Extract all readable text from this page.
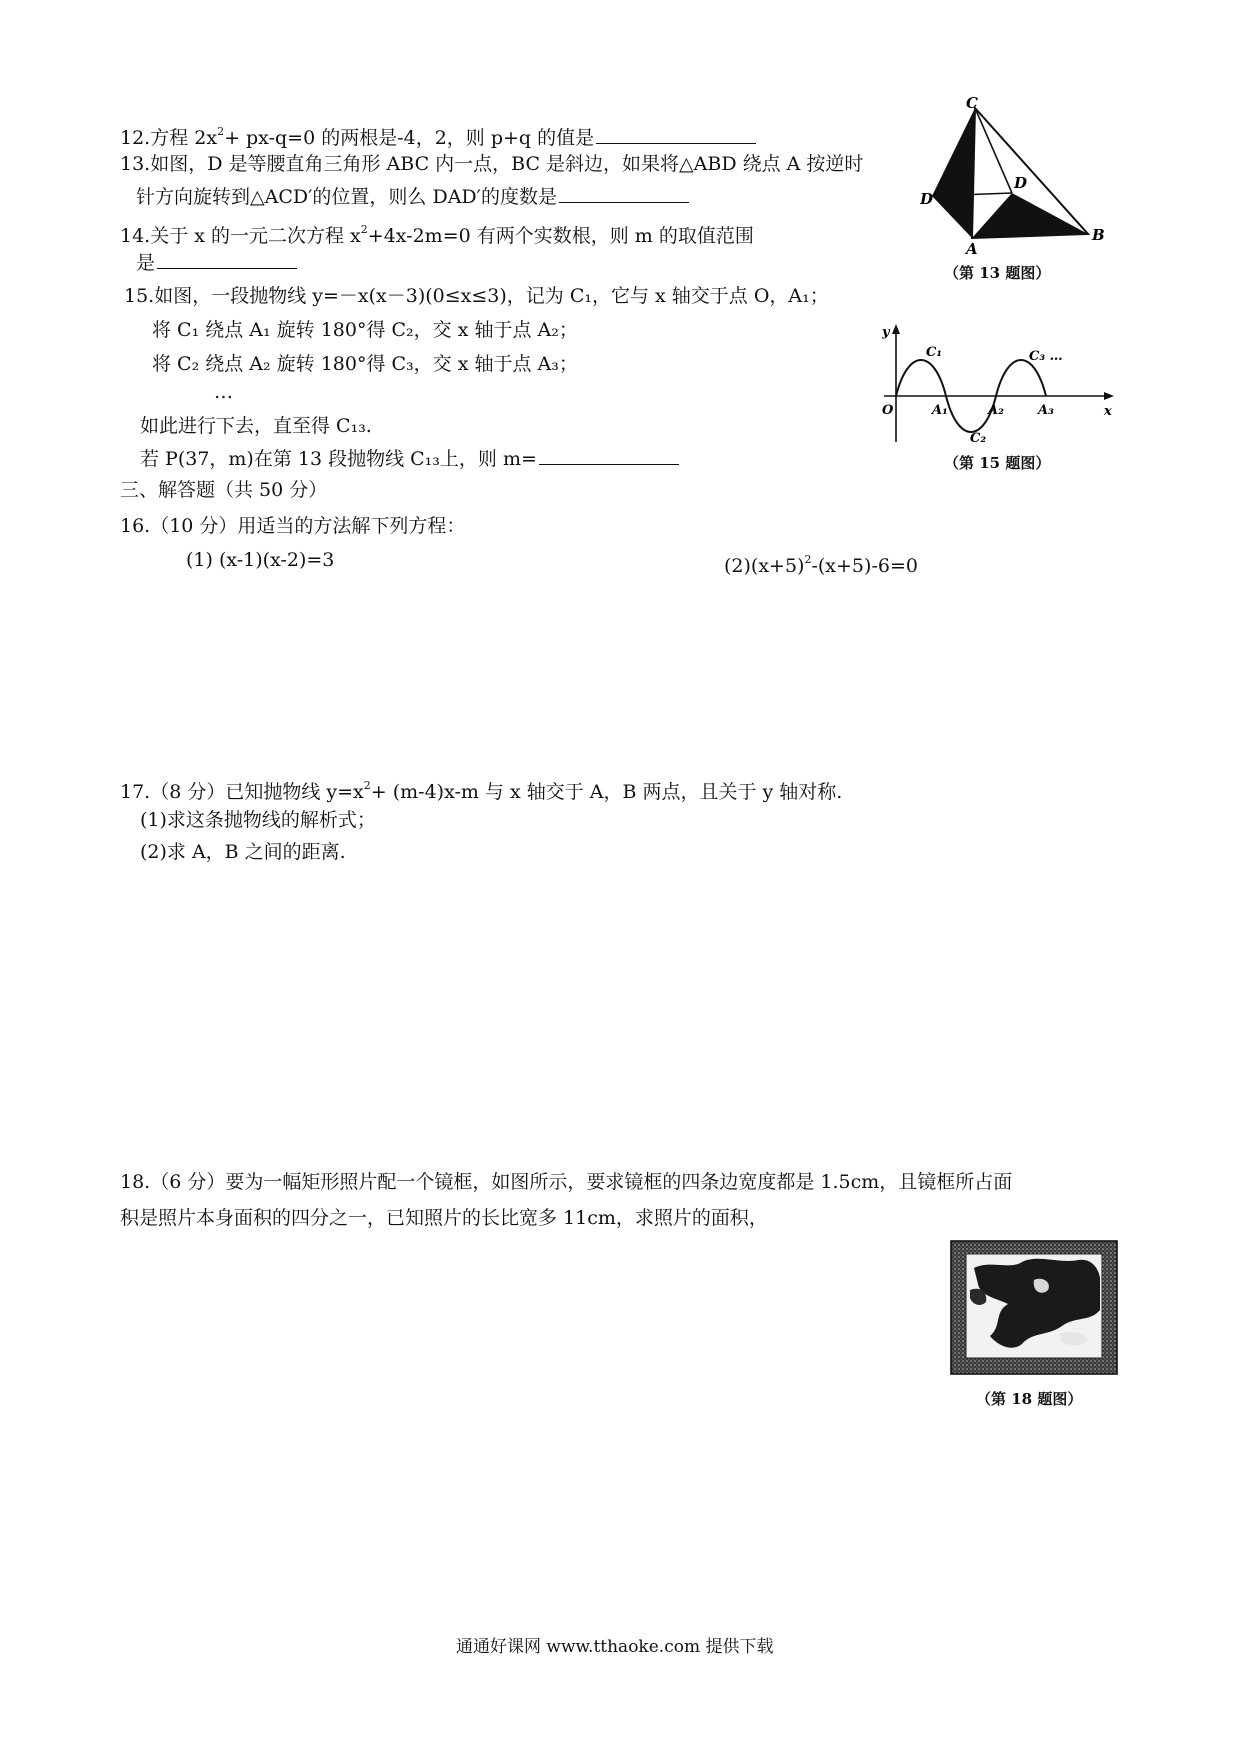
12.方程 $2x^2+ px-q=0$ 的两根是-4，2，则 p+q 的值是
13.如图，D 是等腰直角三角形 ABC 内一点，BC 是斜边，如果将△ABD 绕点 A 按逆时
针方向旋转到△ACD′的位置，则么 DAD′的度数是
14.关于 x 的一元二次方程 $x^2+4x-2m=0$ 有两个实数根，则 m 的取值范围
是
15.如图，一段抛物线 y=－x(x－3)(0≤x≤3)，记为 C₁，它与 x 轴交于点 O，A₁；
将 C₁ 绕点 A₁ 旋转 180°得 C₂，交 x 轴于点 A₂；
将 C₂ 绕点 A₂ 旋转 180°得 C₃，交 x 轴于点 A₃；
…
如此进行下去，直至得 C₁₃.
若 P(37，m)在第 13 段抛物线 C₁₃上，则 m=
三、解答题（共 50 分）
16.（10 分）用适当的方法解下列方程：
(1) (x-1)(x-2)=3	$(2)(x+5)^2-(x+5)-6=0$
17.（8 分）已知抛物线 $y=x^2+ (m-4)x-m$ 与 x 轴交于 A，B 两点，且关于 y 轴对称.
(1)求这条抛物线的解析式；
(2)求 A，B 之间的距离.
18.（6 分）要为一幅矩形照片配一个镜框，如图所示，要求镜框的四条边宽度都是 1.5cm，且镜框所占面
积是照片本身面积的四分之一，已知照片的长比宽多 11cm，求照片的面积，
C
D
D′
A
B
（第 13 题图）
y
x
O
C₁
A₁
C₂
A₂
C₃ …
A₃
（第 15 题图）
（第 18 题图）
通通好课网 www.tthaoke.com 提供下载
